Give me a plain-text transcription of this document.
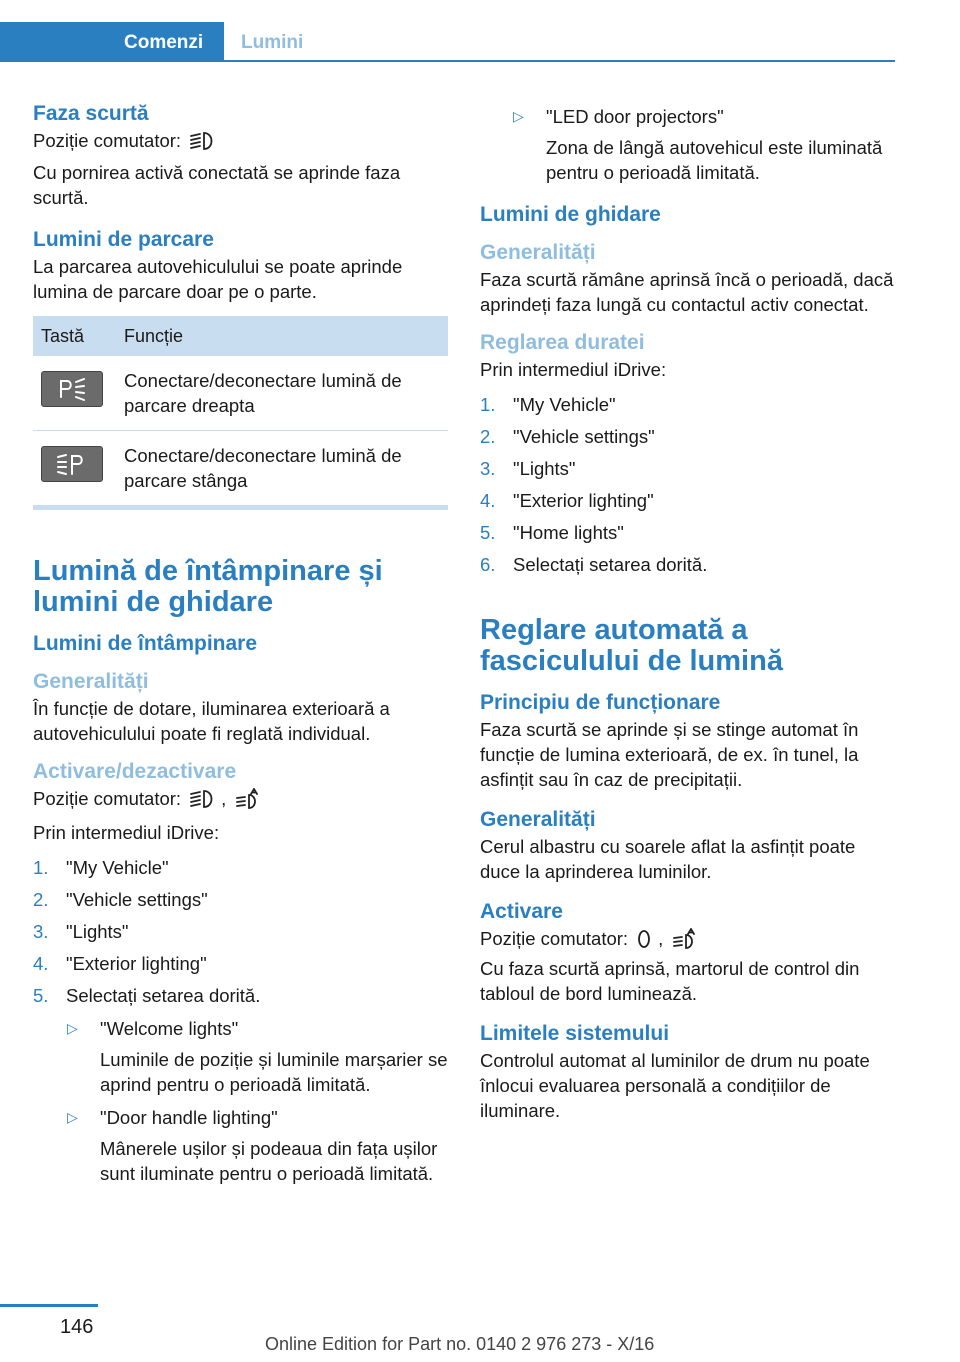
Comenzi	Lumini
Faza scurtă

Poziție comutator:

Cu pornirea activă conectată se aprinde faza scurtă.

Lumini de parcare

La parcarea autovehiculului se poate aprinde lumina de parcare doar pe o parte.

Tastă	Funcție

	Conectare/deconectare lumină de parcare dreapta

	Conectare/deconectare lumină de parcare stânga
Lumină de întâmpinare și lumini de ghidare
Lumini de întâmpinare
Generalități

În funcție de dotare, iluminarea exterioară a autovehiculului poate fi reglată individual.

Activare/dezactivare

Poziție comutator: ,

Prin intermediul iDrive:

1. "My Vehicle"
2. "Vehicle settings"
3. "Lights"
4. "Exterior lighting"
5. Selectați setarea dorită.
▷ "Welcome lights"
Luminile de poziție și luminile marșarier se aprind pentru o perioadă limitată.
▷ "Door handle lighting"
Mânerele ușilor și podeaua din fața ușilor sunt iluminate pentru o perioadă limitată.
▷ "LED door projectors"
Zona de lângă autovehicul este iluminată pentru o perioadă limitată.
Lumini de ghidare
Generalități

Faza scurtă rămâne aprinsă încă o perioadă, dacă aprindeți faza lungă cu contactul activ conectat.

Reglarea duratei

Prin intermediul iDrive:

1. "My Vehicle"
2. "Vehicle settings"
3. "Lights"
4. "Exterior lighting"
5. "Home lights"
6. Selectați setarea dorită.
Reglare automată a fasciculului de lumină
Principiu de funcționare

Faza scurtă se aprinde și se stinge automat în funcție de lumina exterioară, de ex. în tunel, la asfințit sau în caz de precipitații.

Generalități

Cerul albastru cu soarele aflat la asfințit poate duce la aprinderea luminilor.

Activare

Poziție comutator: ,

Cu faza scurtă aprinsă, martorul de control din tabloul de bord luminează.

Limitele sistemului

Controlul automat al luminilor de drum nu poate înlocui evaluarea personală a condițiilor de iluminare.

146
Online Edition for Part no. 0140 2 976 273 - X/16
